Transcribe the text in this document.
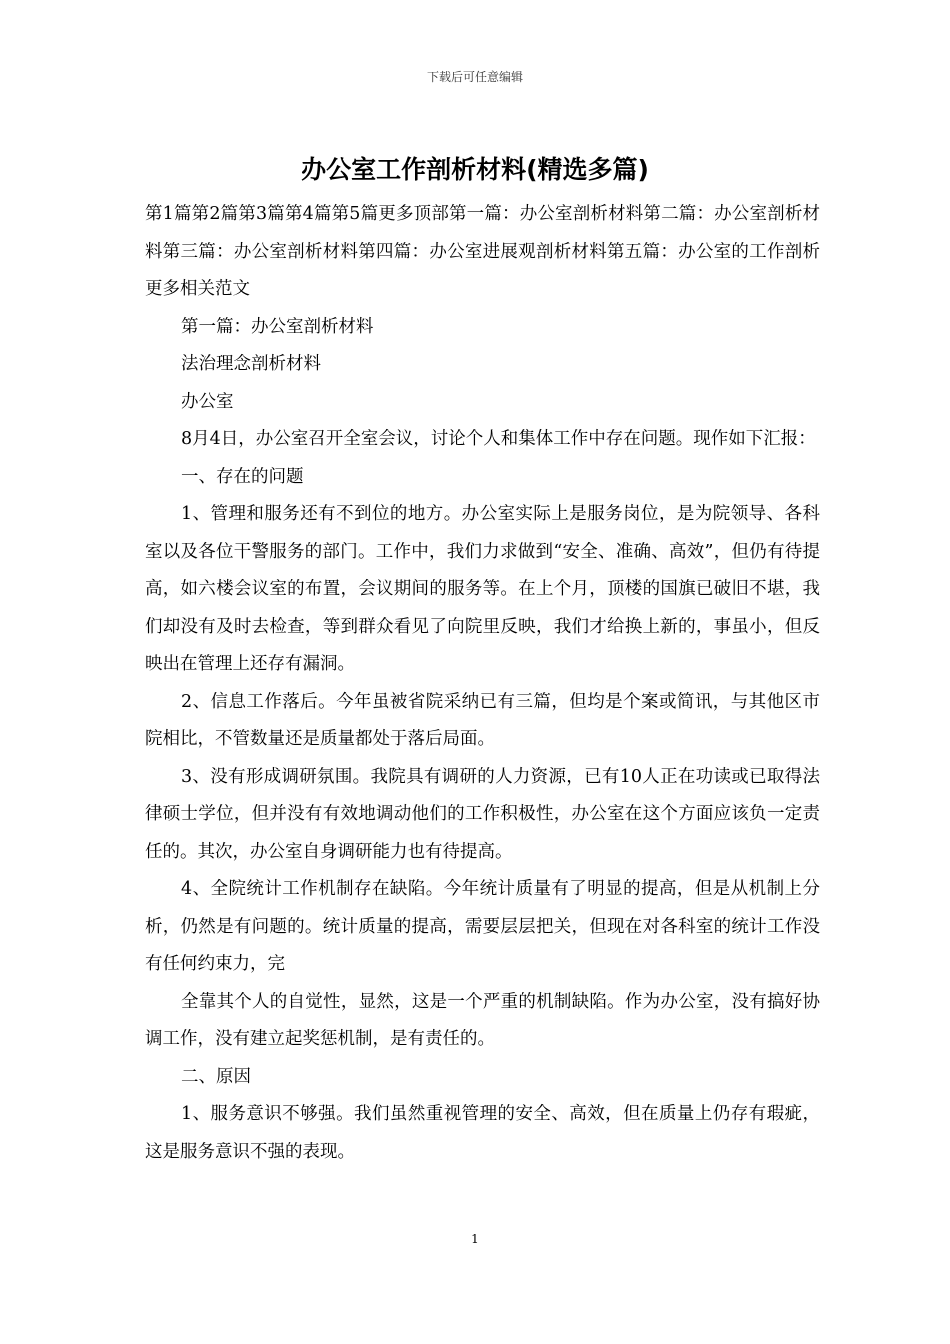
下载后可任意编辑
办公室工作剖析材料(精选多篇)

第1篇第2篇第3篇第4篇第5篇更多顶部第一篇：办公室剖析材料第二篇：办公室剖析材料第三篇：办公室剖析材料第四篇：办公室进展观剖析材料第五篇：办公室的工作剖析更多相关范文

第一篇：办公室剖析材料

法治理念剖析材料

办公室

8月4日，办公室召开全室会议，讨论个人和集体工作中存在问题。现作如下汇报：

一、存在的问题

1、管理和服务还有不到位的地方。办公室实际上是服务岗位，是为院领导、各科室以及各位干警服务的部门。工作中，我们力求做到“安全、准确、高效”，但仍有待提高，如六楼会议室的布置，会议期间的服务等。在上个月，顶楼的国旗已破旧不堪，我们却没有及时去检查，等到群众看见了向院里反映，我们才给换上新的，事虽小，但反映出在管理上还存有漏洞。

2、信息工作落后。今年虽被省院采纳已有三篇，但均是个案或简讯，与其他区市院相比，不管数量还是质量都处于落后局面。

3、没有形成调研氛围。我院具有调研的人力资源，已有10人正在功读或已取得法律硕士学位，但并没有有效地调动他们的工作积极性，办公室在这个方面应该负一定责任的。其次，办公室自身调研能力也有待提高。

4、全院统计工作机制存在缺陷。今年统计质量有了明显的提高，但是从机制上分析，仍然是有问题的。统计质量的提高，需要层层把关，但现在对各科室的统计工作没有任何约束力，完

全靠其个人的自觉性，显然，这是一个严重的机制缺陷。作为办公室，没有搞好协调工作，没有建立起奖惩机制，是有责任的。

二、原因

1、服务意识不够强。我们虽然重视管理的安全、高效，但在质量上仍存有瑕疵，这是服务意识不强的表现。

1
